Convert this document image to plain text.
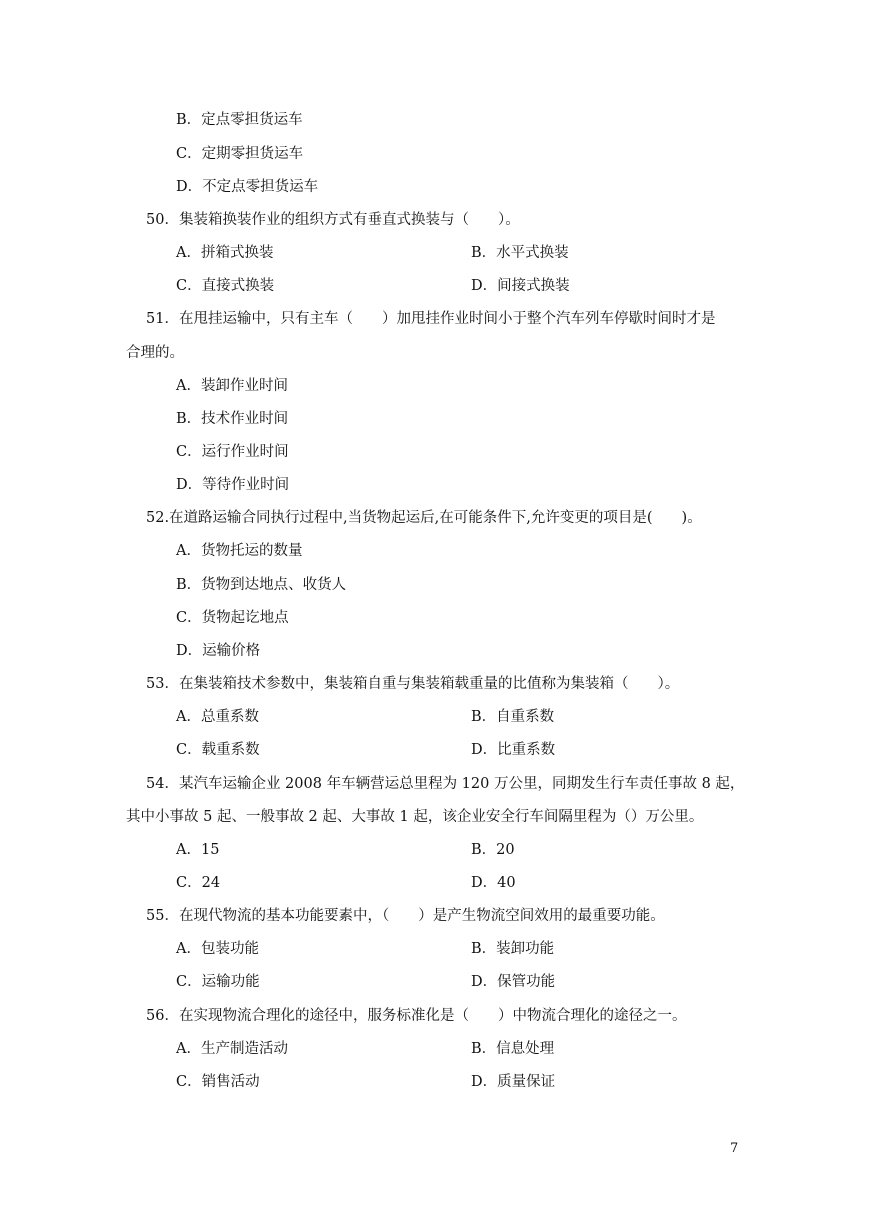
B．定点零担货运车
C．定期零担货运车
D．不定点零担货运车
50．集装箱换装作业的组织方式有垂直式换装与（　　）。
A．拼箱式换装	B．水平式换装
C．直接式换装	D．间接式换装
51．在甩挂运输中，只有主车（　　）加甩挂作业时间小于整个汽车列车停歇时间时才是
合理的。
A．装卸作业时间
B．技术作业时间
C．运行作业时间
D．等待作业时间
52.在道路运输合同执行过程中,当货物起运后,在可能条件下,允许变更的项目是(　　)。
A．货物托运的数量
B．货物到达地点、收货人
C．货物起讫地点
D．运输价格
53．在集装箱技术参数中，集装箱自重与集装箱载重量的比值称为集装箱（　　）。
A．总重系数	B．自重系数
C．载重系数	D．比重系数
54．某汽车运输企业 2008 年车辆营运总里程为 120 万公里，同期发生行车责任事故 8 起，
其中小事故 5 起、一般事故 2 起、大事故 1 起，该企业安全行车间隔里程为（）万公里。
A．15	B．20
C．24	D．40
55．在现代物流的基本功能要素中，（　　）是产生物流空间效用的最重要功能。
A．包装功能	B．装卸功能
C．运输功能	D．保管功能
56．在实现物流合理化的途径中，服务标准化是（　　）中物流合理化的途径之一。
A．生产制造活动	B．信息处理
C．销售活动	D．质量保证
7
